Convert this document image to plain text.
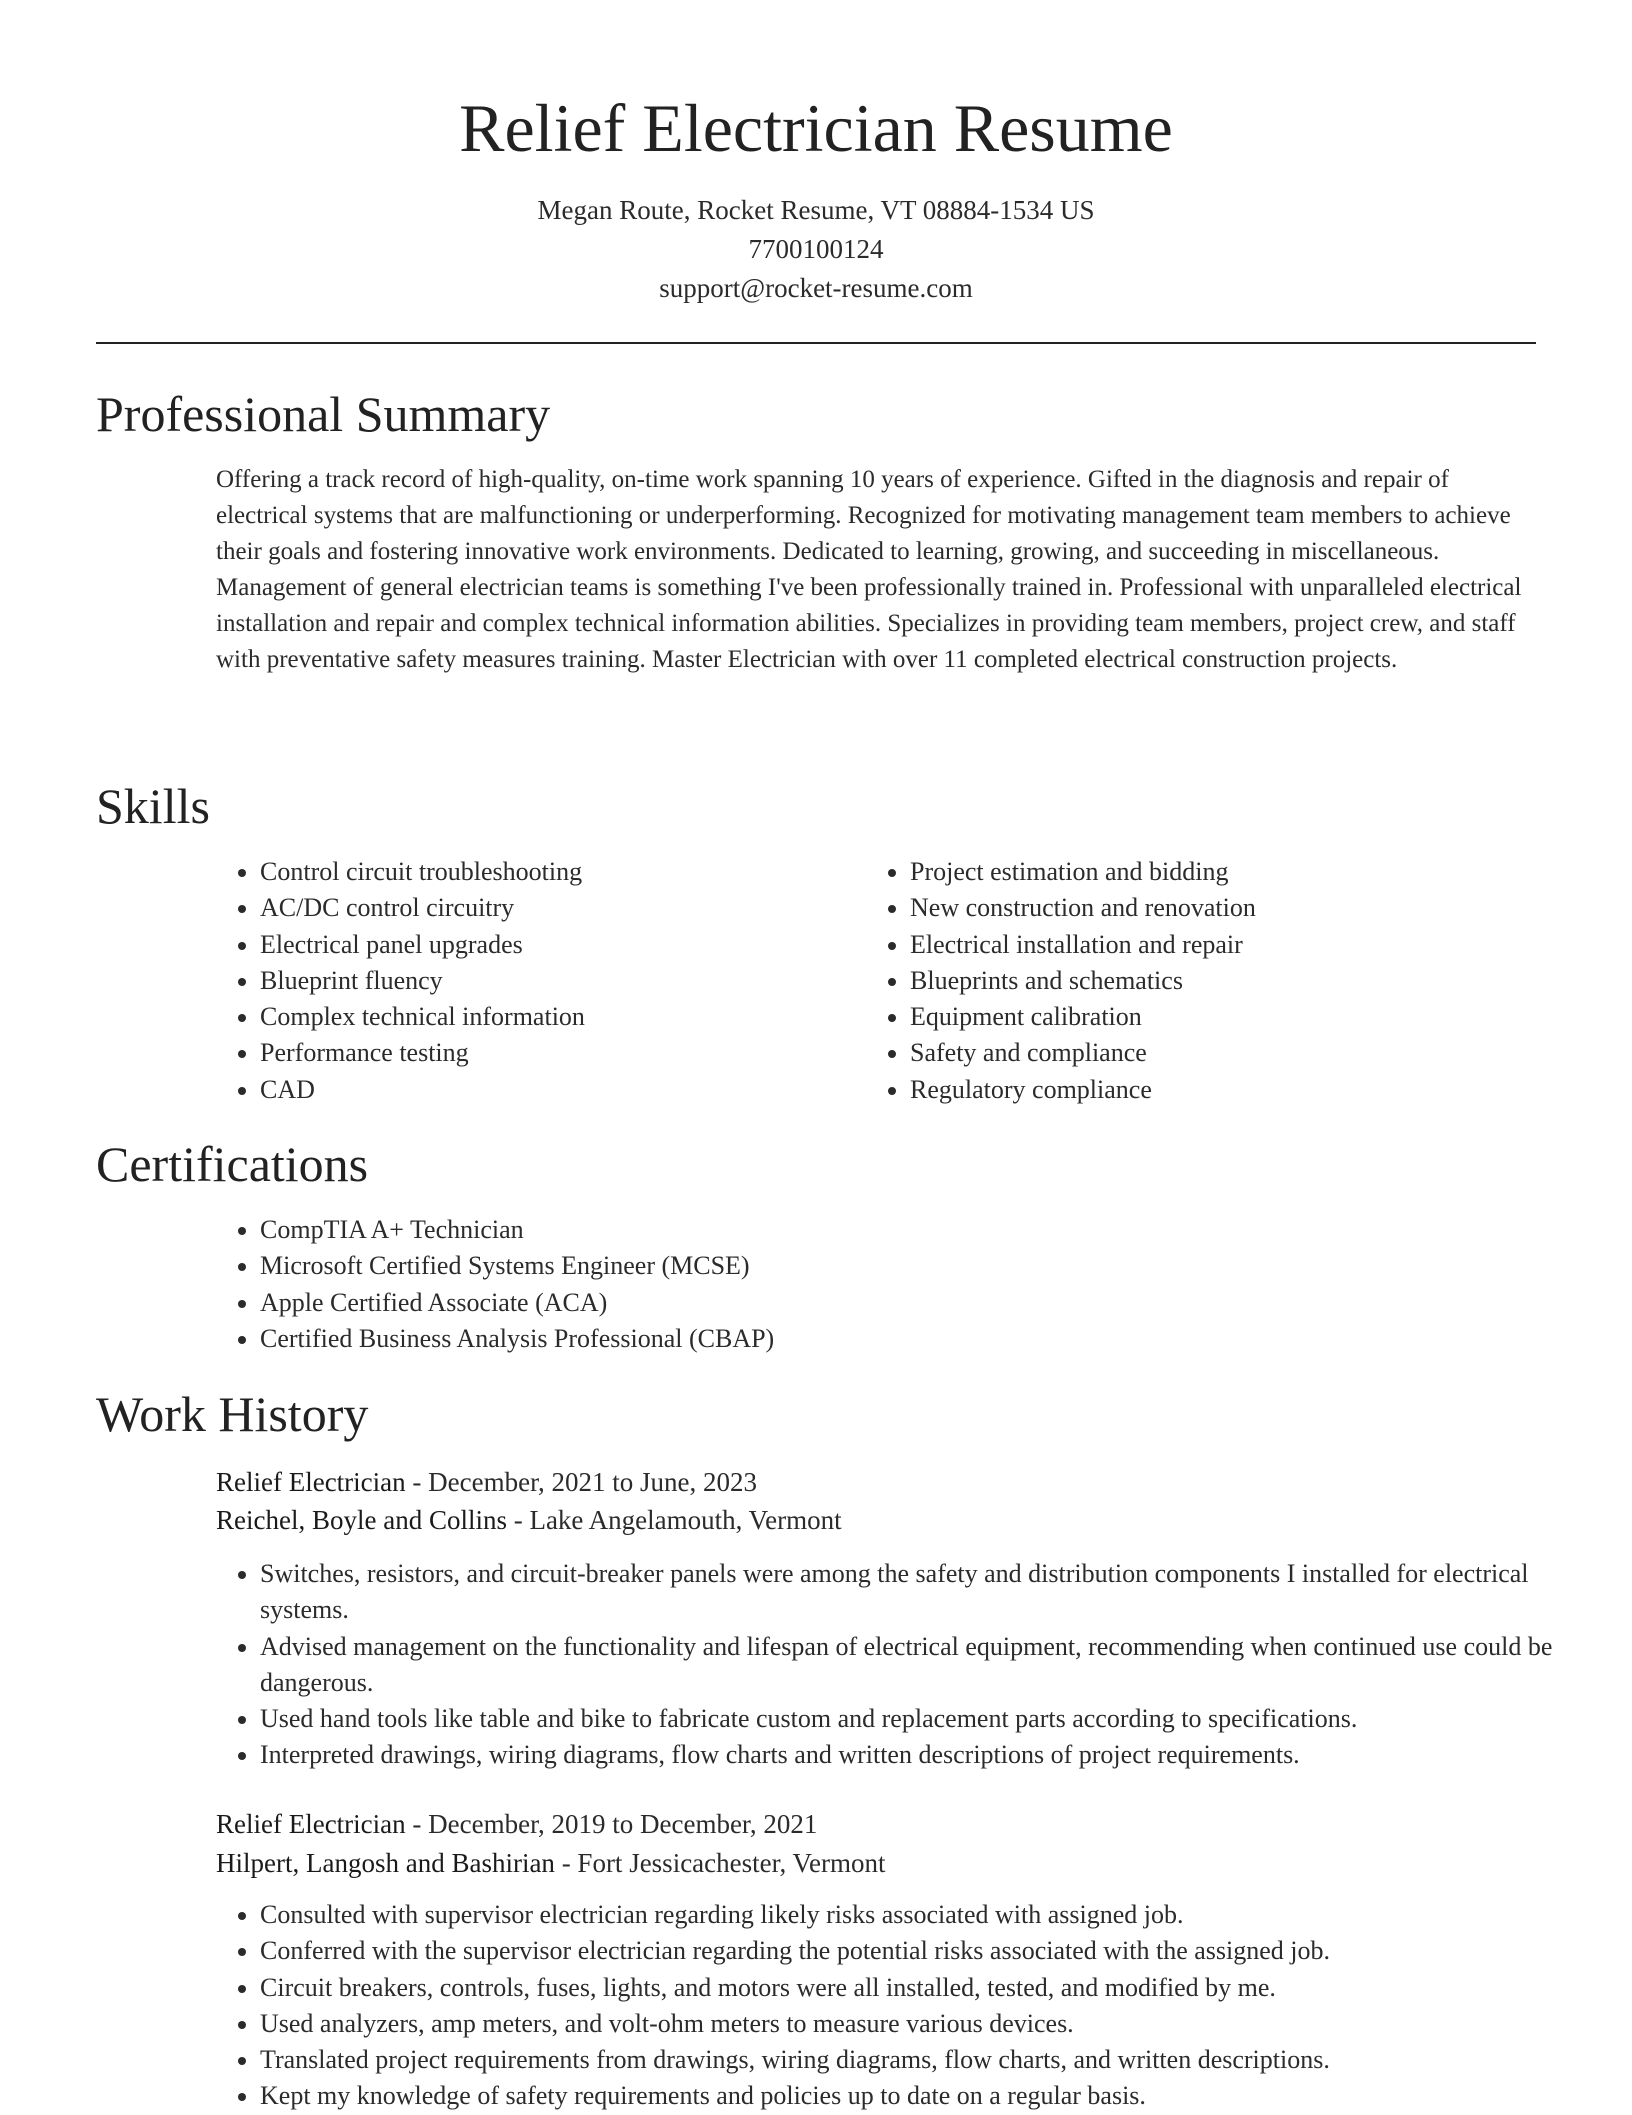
Relief Electrician Resume
Megan Route, Rocket Resume, VT 08884-1534 US
7700100124
support@rocket-resume.com
Professional Summary

Offering a track record of high-quality, on-time work spanning 10 years of experience. Gifted in the diagnosis and repair of electrical systems that are malfunctioning or underperforming. Recognized for motivating management team members to achieve their goals and fostering innovative work environments. Dedicated to learning, growing, and succeeding in miscellaneous. Management of general electrician teams is something I've been professionally trained in. Professional with unparalleled electrical installation and repair and complex technical information abilities. Specializes in providing team members, project crew, and staff with preventative safety measures training. Master Electrician with over 11 completed electrical construction projects.

Skills
• Control circuit troubleshooting
• AC/DC control circuitry
• Electrical panel upgrades
• Blueprint fluency
• Complex technical information
• Performance testing
• CAD
• Project estimation and bidding
• New construction and renovation
• Electrical installation and repair
• Blueprints and schematics
• Equipment calibration
• Safety and compliance
• Regulatory compliance
Certifications
• CompTIA A+ Technician
• Microsoft Certified Systems Engineer (MCSE)
• Apple Certified Associate (ACA)
• Certified Business Analysis Professional (CBAP)
Work History
Relief Electrician - December, 2021 to June, 2023
Reichel, Boyle and Collins - Lake Angelamouth, Vermont
• Switches, resistors, and circuit-breaker panels were among the safety and distribution components I installed for electrical systems.
• Advised management on the functionality and lifespan of electrical equipment, recommending when continued use could be dangerous.
• Used hand tools like table and bike to fabricate custom and replacement parts according to specifications.
• Interpreted drawings, wiring diagrams, flow charts and written descriptions of project requirements.
Relief Electrician - December, 2019 to December, 2021
Hilpert, Langosh and Bashirian - Fort Jessicachester, Vermont
• Consulted with supervisor electrician regarding likely risks associated with assigned job.
• Conferred with the supervisor electrician regarding the potential risks associated with the assigned job.
• Circuit breakers, controls, fuses, lights, and motors were all installed, tested, and modified by me.
• Used analyzers, amp meters, and volt-ohm meters to measure various devices.
• Translated project requirements from drawings, wiring diagrams, flow charts, and written descriptions.
• Kept my knowledge of safety requirements and policies up to date on a regular basis.
